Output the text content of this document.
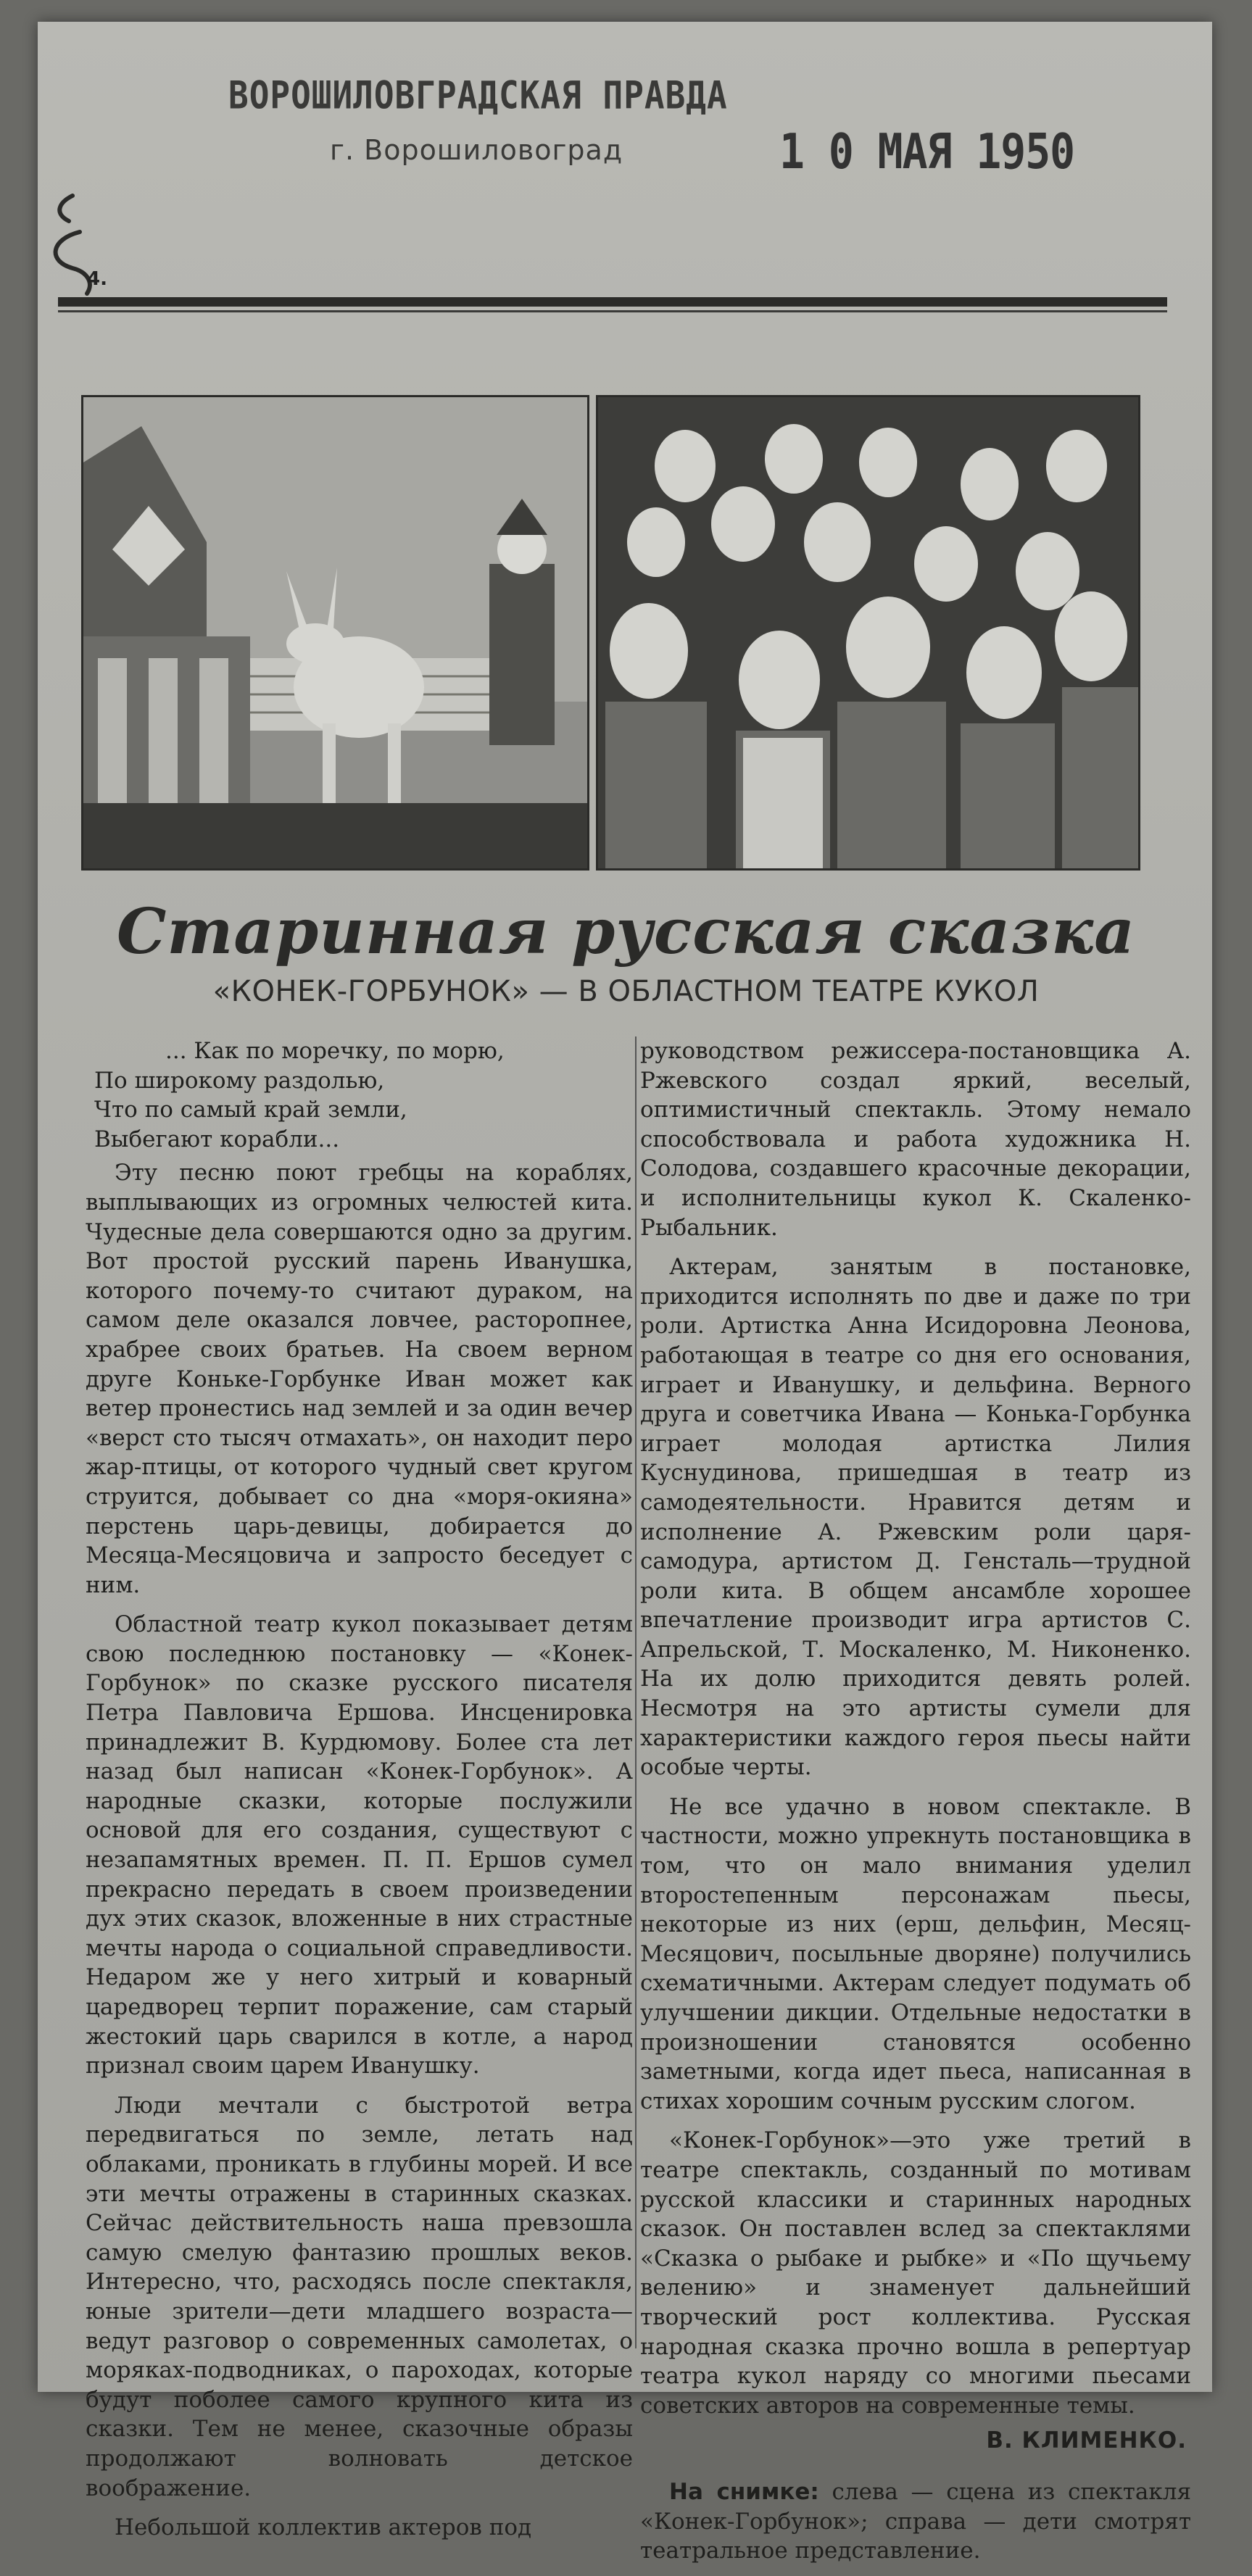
ВОРОШИЛОВГРАДСКАЯ ПРАВДА
г. Ворошиловоград	1 0 МАЯ 1950
4.
Старинная русская сказка
«КОНЕК-ГОРБУНОК» — В ОБЛАСТНОМ ТЕАТРЕ КУКОЛ
... Как по моречку, по морю,
По широкому раздолью,
Что по самый край земли,
Выбегают корабли...

Эту песню поют гребцы на кораблях, выплывающих из огромных челюстей кита. Чудесные дела совершаются одно за другим. Вот простой русский парень Иванушка, которого почему-то считают дураком, на самом деле оказался ловчее, расторопнее, храбрее своих братьев. На своем верном друге Коньке-Горбунке Иван может как ветер пронестись над землей и за один вечер «верст сто тысяч отмахать», он находит перо жар-птицы, от которого чудный свет кругом струится, добывает со дна «моря-окияна» перстень царь-девицы, добирается до Месяца-Месяцовича и запросто беседует с ним.

Областной театр кукол показывает детям свою последнюю постановку — «Конек-Горбунок» по сказке русского писателя Петра Павловича Ершова. Инсценировка принадлежит В. Курдюмову. Более ста лет назад был написан «Конек-Горбунок». А народные сказки, которые послужили основой для его создания, существуют с незапамятных времен. П. П. Ершов сумел прекрасно передать в своем произведении дух этих сказок, вложенные в них страстные мечты народа о социальной справедливости. Недаром же у него хитрый и коварный царедворец терпит поражение, сам старый жестокий царь сварился в котле, а народ признал своим царем Иванушку.

Люди мечтали с быстротой ветра передвигаться по земле, летать над облаками, проникать в глубины морей. И все эти мечты отражены в старинных сказках. Сейчас действительность наша превзошла самую смелую фантазию прошлых веков. Интересно, что, расходясь после спектакля, юные зрители—дети младшего возраста—ведут разговор о современных самолетах, о моряках-подводниках, о пароходах, которые будут поболее самого крупного кита из сказки. Тем не менее, сказочные образы продолжают волновать детское воображение.

Небольшой коллектив актеров под

руководством режиссера-постановщика А. Ржевского создал яркий, веселый, оптимистичный спектакль. Этому немало способствовала и работа художника Н. Солодова, создавшего красочные декорации, и исполнительницы кукол К. Скаленко-Рыбальник.

Актерам, занятым в постановке, приходится исполнять по две и даже по три роли. Артистка Анна Исидоровна Леонова, работающая в театре со дня его основания, играет и Иванушку, и дельфина. Верного друга и советчика Ивана — Конька-Горбунка играет молодая артистка Лилия Куснудинова, пришедшая в театр из самодеятельности. Нравится детям и исполнение А. Ржевским роли царя-самодура, артистом Д. Генсталь—трудной роли кита. В общем ансамбле хорошее впечатление производит игра артистов С. Апрельской, Т. Москаленко, М. Никоненко. На их долю приходится девять ролей. Несмотря на это артисты сумели для характеристики каждого героя пьесы найти особые черты.

Не все удачно в новом спектакле. В частности, можно упрекнуть постановщика в том, что он мало внимания уделил второстепенным персонажам пьесы, некоторые из них (ерш, дельфин, Месяц-Месяцович, посыльные дворяне) получились схематичными. Актерам следует подумать об улучшении дикции. Отдельные недостатки в произношении становятся особенно заметными, когда идет пьеса, написанная в стихах хорошим сочным русским слогом.

«Конек-Горбунок»—это уже третий в театре спектакль, созданный по мотивам русской классики и старинных народных сказок. Он поставлен вслед за спектаклями «Сказка о рыбаке и рыбке» и «По щучьему велению» и знаменует дальнейший творческий рост коллектива. Русская народная сказка прочно вошла в репертуар театра кукол наряду со многими пьесами советских авторов на современные темы.

В. КЛИМЕНКО.

На снимке: слева — сцена из спектакля «Конек-Горбунок»; справа — дети смотрят театральное представление.
